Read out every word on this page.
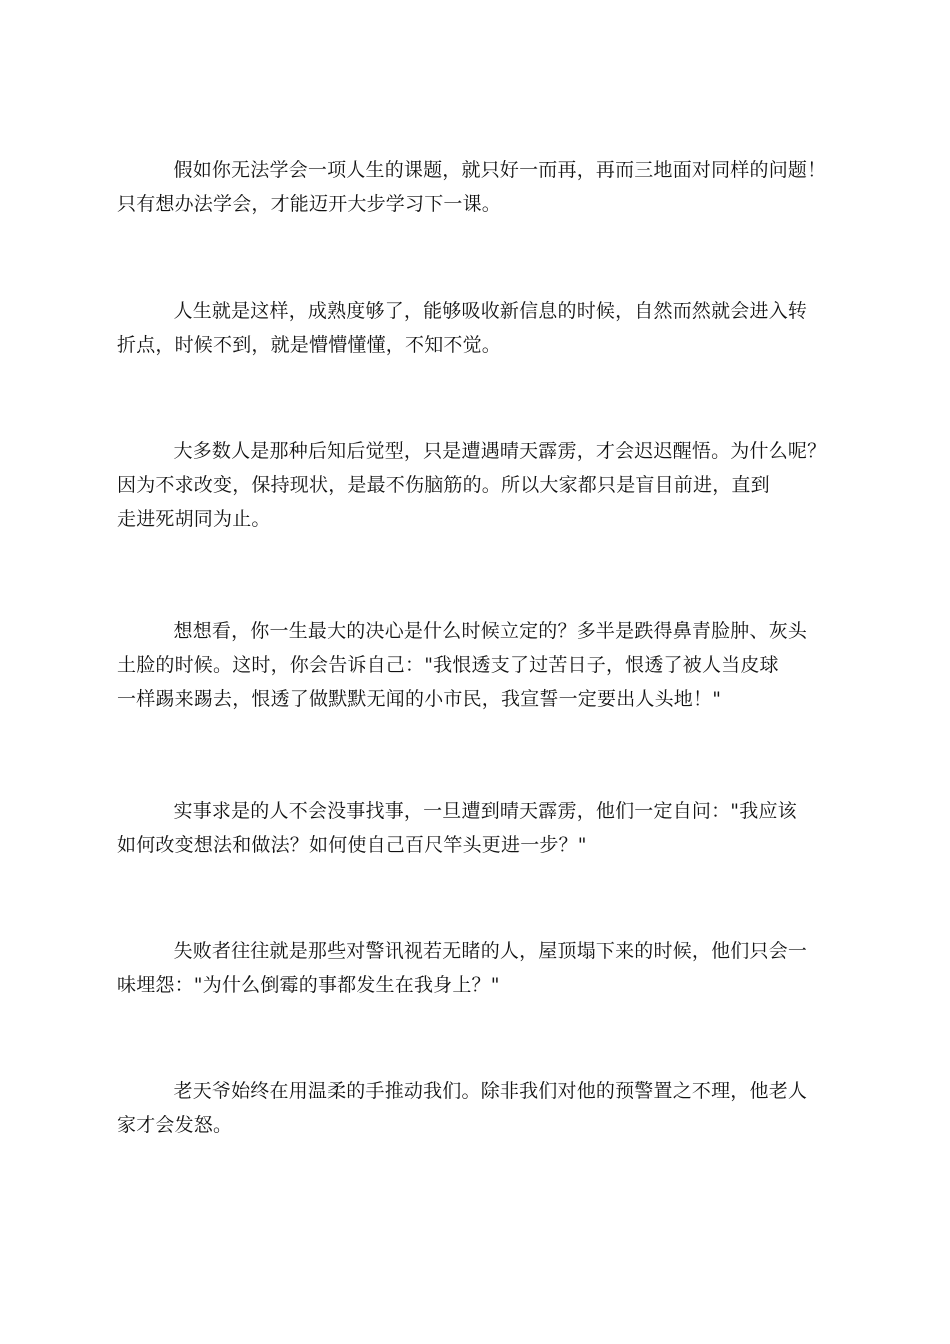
假如你无法学会一项人生的课题，就只好一而再，再而三地面对同样的问题！
只有想办法学会，才能迈开大步学习下一课。
人生就是这样，成熟度够了，能够吸收新信息的时候，自然而然就会进入转
折点，时候不到，就是懵懵懂懂，不知不觉。
大多数人是那种后知后觉型，只是遭遇晴天霹雳，才会迟迟醒悟。为什么呢？
因为不求改变，保持现状，是最不伤脑筋的。所以大家都只是盲目前进，直到
走进死胡同为止。
想想看，你一生最大的决心是什么时候立定的？多半是跌得鼻青脸肿、灰头
土脸的时候。这时，你会告诉自己："我恨透支了过苦日子，恨透了被人当皮球
一样踢来踢去，恨透了做默默无闻的小市民，我宣誓一定要出人头地！"
实事求是的人不会没事找事，一旦遭到晴天霹雳，他们一定自问："我应该
如何改变想法和做法？如何使自己百尺竿头更进一步？"
失败者往往就是那些对警讯视若无睹的人，屋顶塌下来的时候，他们只会一
味埋怨："为什么倒霉的事都发生在我身上？"
老天爷始终在用温柔的手推动我们。除非我们对他的预警置之不理，他老人
家才会发怒。
